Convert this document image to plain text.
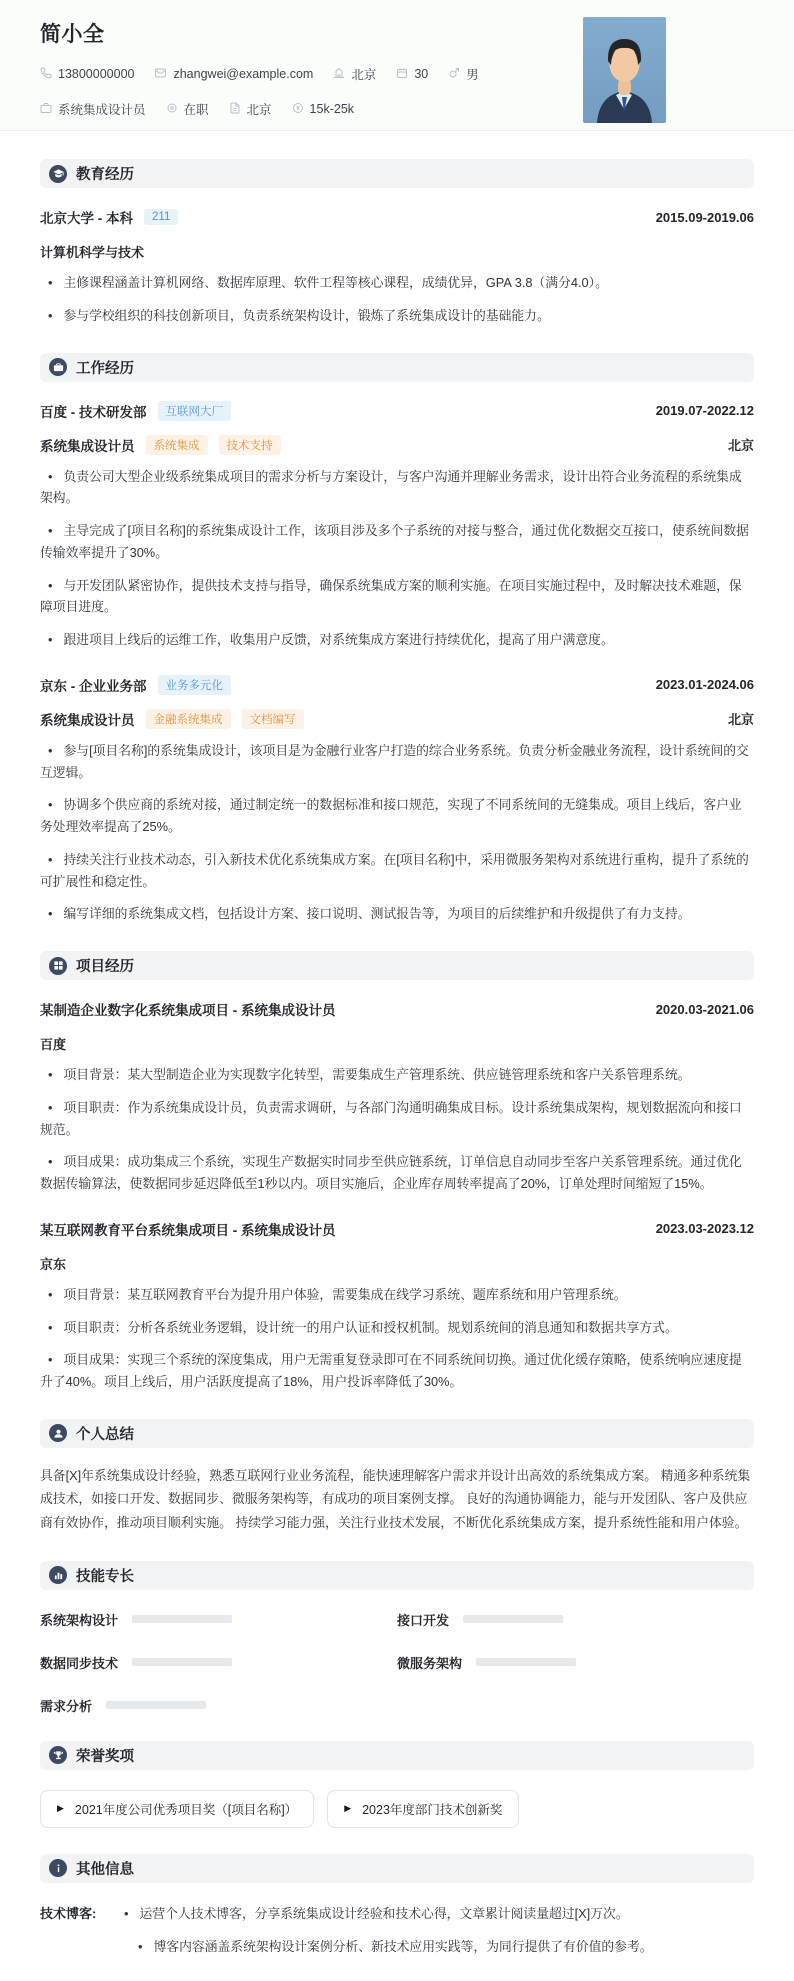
简小全
13800000000	zhangwei@example.com	北京	30	男
系统集成设计员	在职	北京	15k-25k
教育经历
北京大学 - 本科	211	2015.09-2019.06
计算机科学与技术
• 主修课程涵盖计算机网络、数据库原理、软件工程等核心课程，成绩优异，GPA 3.8（满分4.0）。
• 参与学校组织的科技创新项目，负责系统架构设计，锻炼了系统集成设计的基础能力。
工作经历
百度 - 技术研发部	互联网大厂	2019.07-2022.12
系统集成设计员	系统集成	技术支持	北京
• 负责公司大型企业级系统集成项目的需求分析与方案设计，与客户沟通并理解业务需求，设计出符合业务流程的系统集成架构。
• 主导完成了[项目名称]的系统集成设计工作，该项目涉及多个子系统的对接与整合，通过优化数据交互接口，使系统间数据传输效率提升了30%。
• 与开发团队紧密协作，提供技术支持与指导，确保系统集成方案的顺利实施。在项目实施过程中，及时解决技术难题，保障项目进度。
• 跟进项目上线后的运维工作，收集用户反馈，对系统集成方案进行持续优化，提高了用户满意度。
京东 - 企业业务部	业务多元化	2023.01-2024.06
系统集成设计员	金融系统集成	文档编写	北京
• 参与[项目名称]的系统集成设计，该项目是为金融行业客户打造的综合业务系统。负责分析金融业务流程，设计系统间的交互逻辑。
• 协调多个供应商的系统对接，通过制定统一的数据标准和接口规范，实现了不同系统间的无缝集成。项目上线后，客户业务处理效率提高了25%。
• 持续关注行业技术动态，引入新技术优化系统集成方案。在[项目名称]中，采用微服务架构对系统进行重构，提升了系统的可扩展性和稳定性。
• 编写详细的系统集成文档，包括设计方案、接口说明、测试报告等，为项目的后续维护和升级提供了有力支持。
项目经历
某制造企业数字化系统集成项目 - 系统集成设计员	2020.03-2021.06
百度
• 项目背景：某大型制造企业为实现数字化转型，需要集成生产管理系统、供应链管理系统和客户关系管理系统。
• 项目职责：作为系统集成设计员，负责需求调研，与各部门沟通明确集成目标。设计系统集成架构，规划数据流向和接口规范。
• 项目成果：成功集成三个系统，实现生产数据实时同步至供应链系统，订单信息自动同步至客户关系管理系统。通过优化数据传输算法，使数据同步延迟降低至1秒以内。项目实施后，企业库存周转率提高了20%，订单处理时间缩短了15%。
某互联网教育平台系统集成项目 - 系统集成设计员	2023.03-2023.12
京东
• 项目背景：某互联网教育平台为提升用户体验，需要集成在线学习系统、题库系统和用户管理系统。
• 项目职责：分析各系统业务逻辑，设计统一的用户认证和授权机制。规划系统间的消息通知和数据共享方式。
• 项目成果：实现三个系统的深度集成，用户无需重复登录即可在不同系统间切换。通过优化缓存策略，使系统响应速度提升了40%。项目上线后，用户活跃度提高了18%，用户投诉率降低了30%。
个人总结
具备[X]年系统集成设计经验，熟悉互联网行业业务流程，能快速理解客户需求并设计出高效的系统集成方案。 精通多种系统集成技术，如接口开发、数据同步、微服务架构等，有成功的项目案例支撑。 良好的沟通协调能力，能与开发团队、客户及供应商有效协作，推动项目顺利实施。 持续学习能力强，关注行业技术发展，不断优化系统集成方案，提升系统性能和用户体验。
技能专长
系统架构设计	接口开发
数据同步技术	微服务架构
需求分析
荣誉奖项
▶ 2021年度公司优秀项目奖（[项目名称]）	▶ 2023年度部门技术创新奖
其他信息
技术博客:	• 运营个人技术博客，分享系统集成设计经验和技术心得，文章累计阅读量超过[X]万次。
• 博客内容涵盖系统架构设计案例分析、新技术应用实践等，为同行提供了有价值的参考。
